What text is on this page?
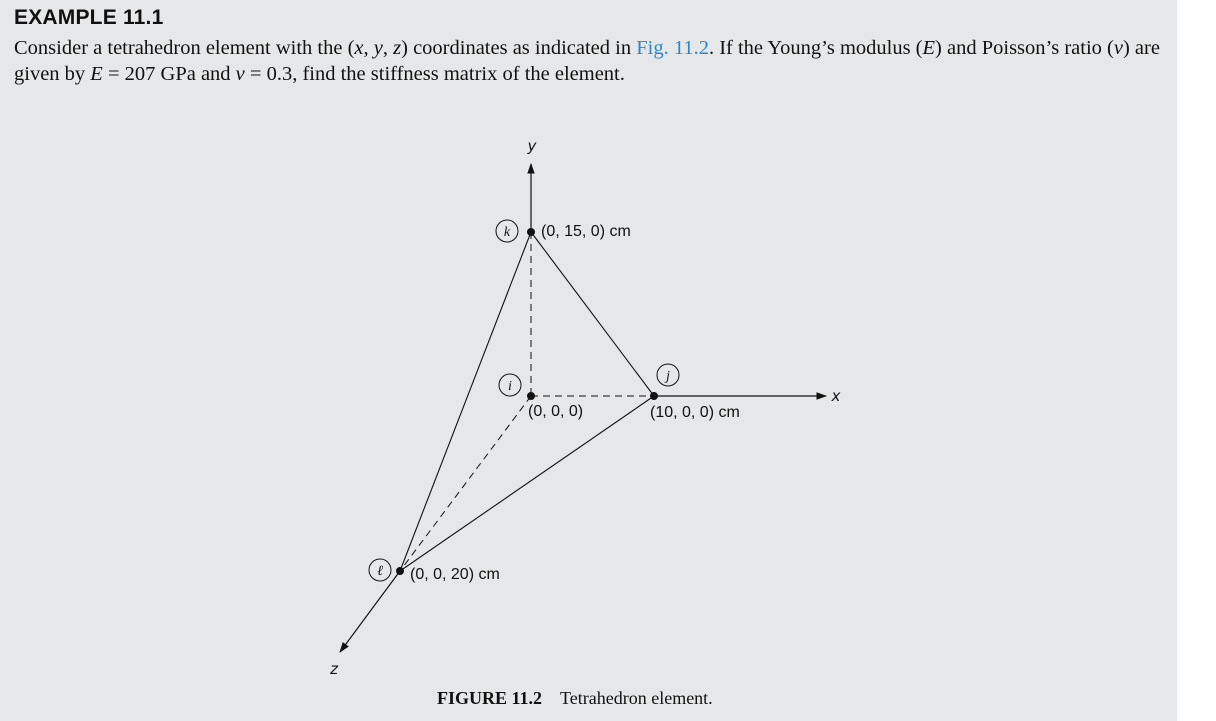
EXAMPLE 11.1
Consider a tetrahedron element with the (x, y, z) coordinates as indicated in Fig. 11.2. If the Young’s modulus (E) and Poisson’s ratio (v) are given by E = 207 GPa and v = 0.3, find the stiffness matrix of the element.
k
i
j
ℓ
(0, 15, 0) cm
(0, 0, 0)	(10, 0, 0) cm
(0, 0, 20) cm
y
x
z
FIGURE 11.2 Tetrahedron element.
